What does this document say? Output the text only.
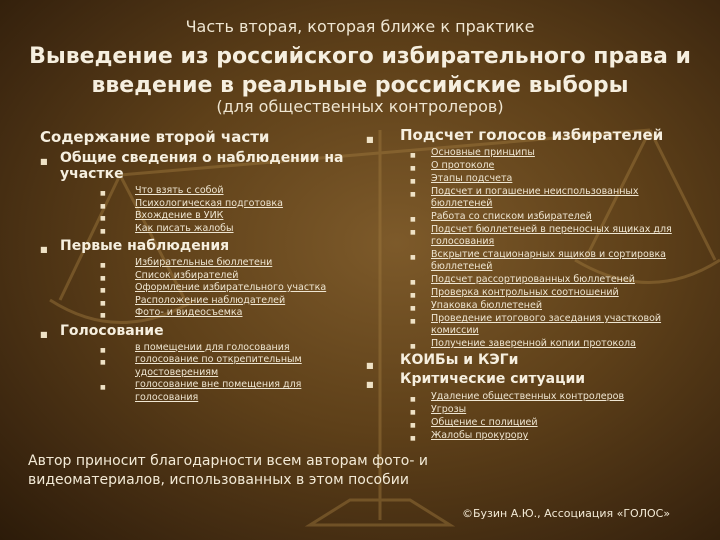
Часть вторая, которая ближе к практике
Выведение из российского избирательного права и введение в реальные российские выборы
(для общественных контролеров)
Содержание второй части
■ Общие сведения о наблюдении на участке
■	Что взять с собой
■	Психологическая подготовка
■	Вхождение в УИК
■	Как писать жалобы
■ Первые наблюдения
■	Избирательные бюллетени
■	Список избирателей
■	Оформление избирательного участка
■	Расположение наблюдателей
■	Фото- и видеосъемка
■ Голосование
■	в помещении для голосования
■	голосование по открепительным удостоверениям
■	голосование вне помещения для голосования
■ Подсчет голосов избирателей
■ Основные принципы
■ О протоколе
■ Этапы подсчета
■ Подсчет и погашение неиспользованных бюллетеней
■ Работа со списком избирателей
■ Подсчет бюллетеней в переносных ящиках для голосования
■ Вскрытие стационарных ящиков и сортировка бюллетеней
■ Подсчет рассортированных бюллетеней
■ Проверка контрольных соотношений
■ Упаковка бюллетеней
■ Проведение итогового заседания участковой комиссии
■ Получение заверенной копии протокола
■ КОИБы и КЭГи
■ Критические ситуации
■ Удаление общественных контролеров
■ Угрозы
■ Общение с полицией
■ Жалобы прокурору
Автор приносит благодарности всем авторам фото- и видеоматериалов, использованных в этом пособии
©Бузин А.Ю., Ассоциация «ГОЛОС»
